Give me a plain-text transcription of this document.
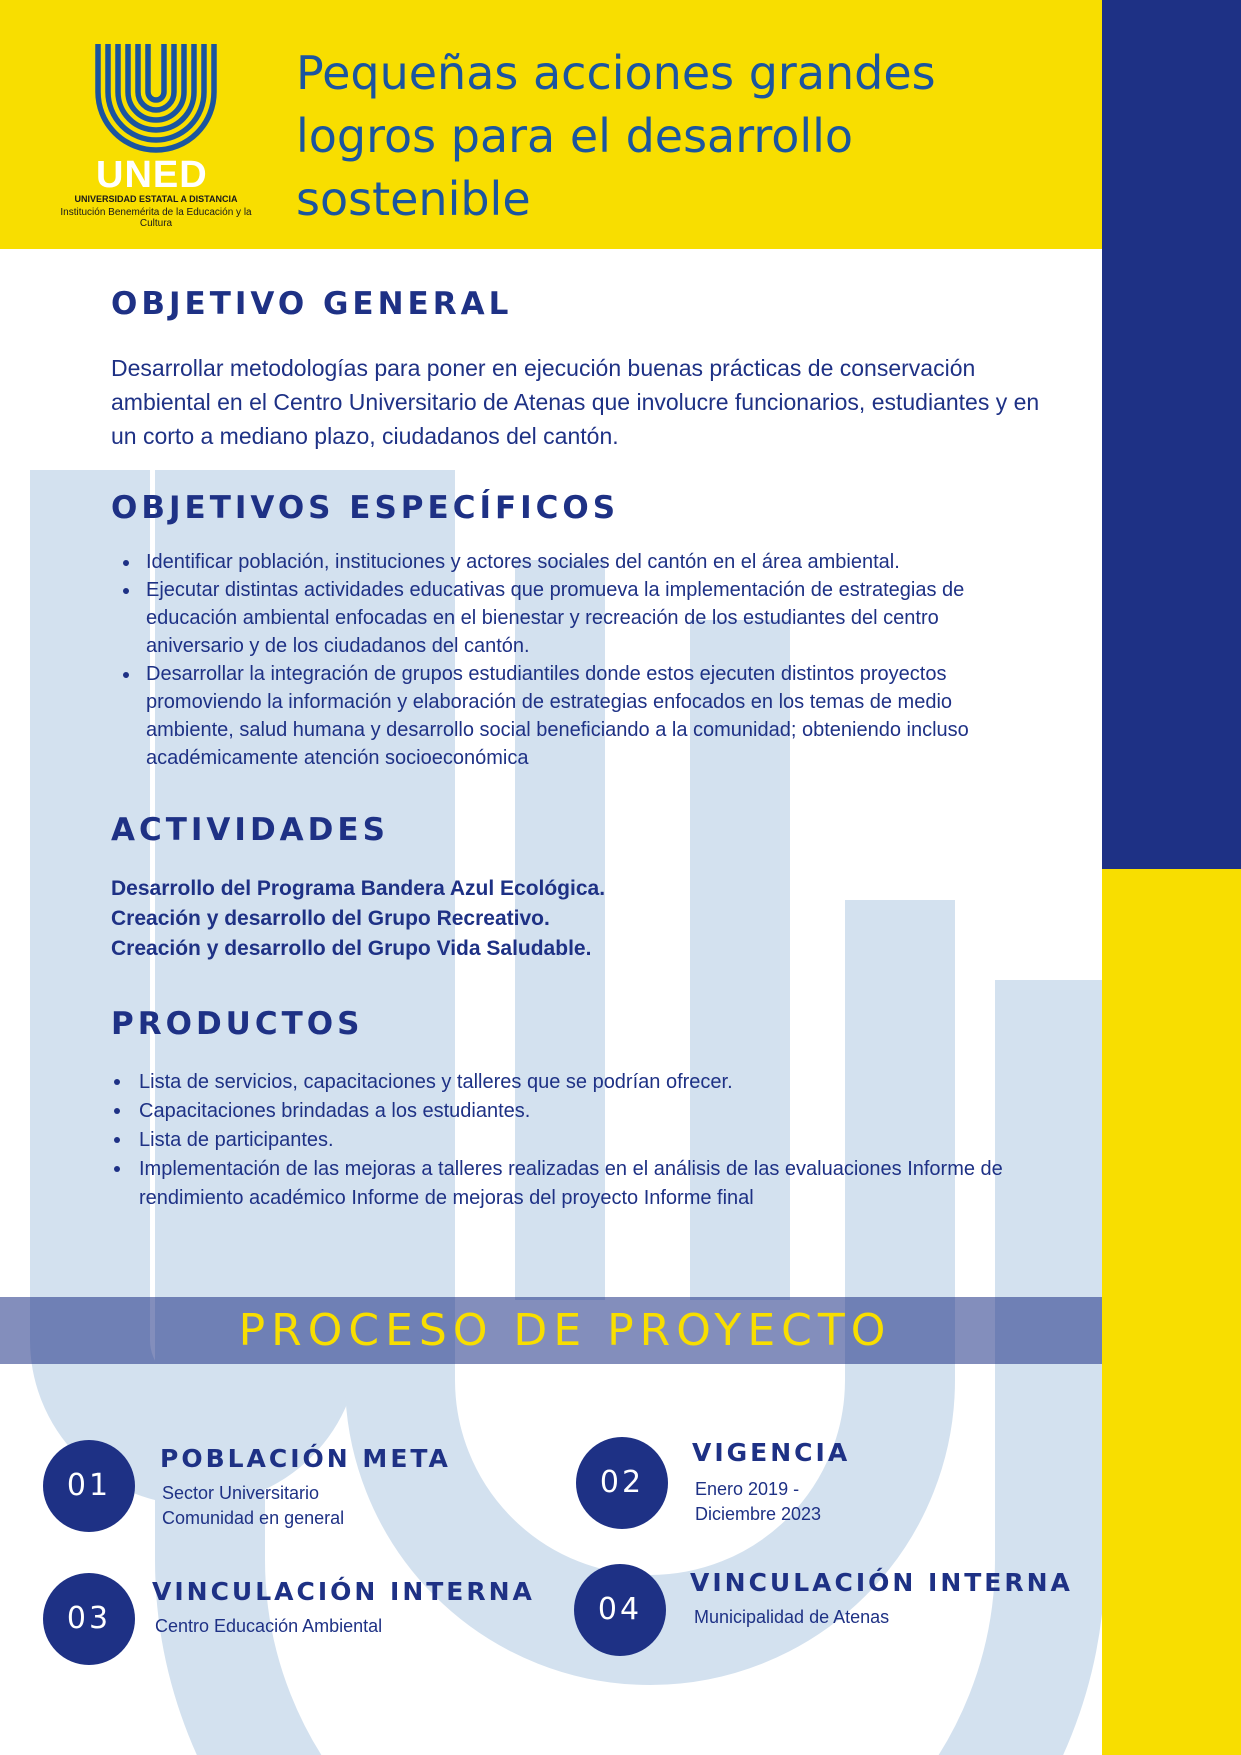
UNED
UNIVERSIDAD ESTATAL A DISTANCIA
Institución Benemérita de la Educación y la Cultura
Pequeñas acciones grandes
logros para el desarrollo
sostenible
OBJETIVO GENERAL
Desarrollar metodologías para poner en ejecución buenas prácticas de conservación ambiental en el Centro Universitario de Atenas que involucre funcionarios, estudiantes y en un corto a mediano plazo, ciudadanos del cantón.
OBJETIVOS ESPECÍFICOS
Identificar población, instituciones y actores sociales del cantón en el área ambiental.
Ejecutar distintas actividades educativas que promueva la implementación de estrategias de educación ambiental enfocadas en el bienestar y recreación de los estudiantes del centro aniversario y de los ciudadanos del cantón.
Desarrollar la integración de grupos estudiantiles donde estos ejecuten distintos proyectos promoviendo la información y elaboración de estrategias enfocados en los temas de medio ambiente, salud humana y desarrollo social beneficiando a la comunidad; obteniendo incluso académicamente atención socioeconómica
ACTIVIDADES
Desarrollo del Programa Bandera Azul Ecológica.
Creación y desarrollo del Grupo Recreativo.
Creación y desarrollo del Grupo Vida Saludable.
PRODUCTOS
Lista de servicios, capacitaciones y talleres que se podrían ofrecer.
Capacitaciones brindadas a los estudiantes.
Lista de participantes.
Implementación de las mejoras a talleres realizadas en el análisis de las evaluaciones Informe de rendimiento académico Informe de mejoras del proyecto Informe final
PROCESO DE PROYECTO
01
POBLACIÓN META
Sector Universitario
Comunidad en general
02
VIGENCIA
Enero 2019 -
Diciembre 2023
03
VINCULACIÓN INTERNA
Centro Educación Ambiental	04
VINCULACIÓN INTERNA
Municipalidad de Atenas
